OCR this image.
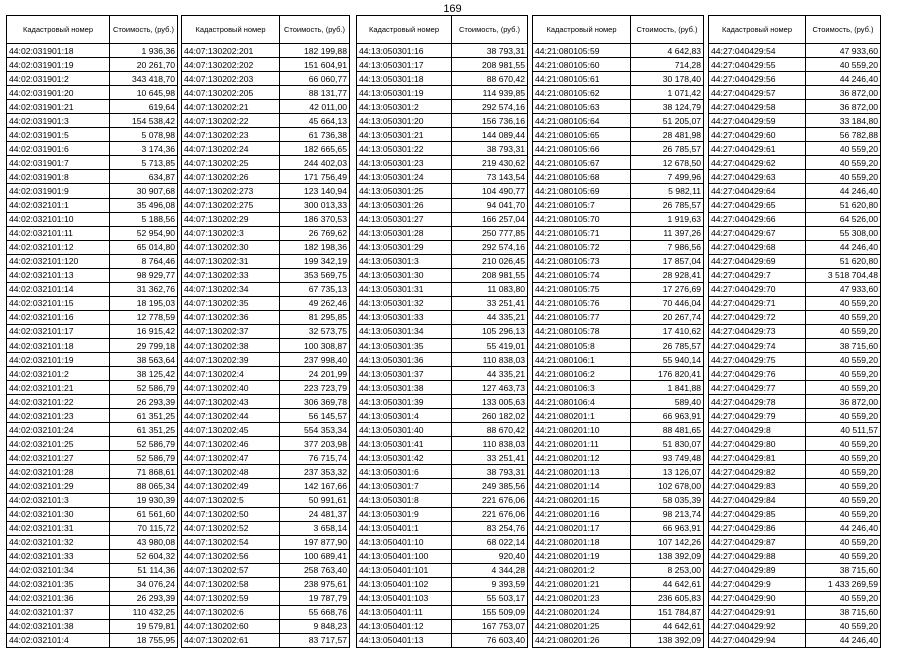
169
Кадастровый номер	Стоимость, (руб.)
44:02:031901:18	1 936,36
44:02:031901:19	20 261,70
44:02:031901:2	343 418,70
44:02:031901:20	10 645,98
44:02:031901:21	619,64
44:02:031901:3	154 538,42
44:02:031901:5	5 078,98
44:02:031901:6	3 174,36
44:02:031901:7	5 713,85
44:02:031901:8	634,87
44:02:031901:9	30 907,68
44:02:032101:1	35 496,08
44:02:032101:10	5 188,56
44:02:032101:11	52 954,90
44:02:032101:12	65 014,80
44:02:032101:120	8 764,46
44:02:032101:13	98 929,77
44:02:032101:14	31 362,76
44:02:032101:15	18 195,03
44:02:032101:16	12 778,59
44:02:032101:17	16 915,42
44:02:032101:18	29 799,18
44:02:032101:19	38 563,64
44:02:032101:2	38 125,42
44:02:032101:21	52 586,79
44:02:032101:22	26 293,39
44:02:032101:23	61 351,25
44:02:032101:24	61 351,25
44:02:032101:25	52 586,79
44:02:032101:27	52 586,79
44:02:032101:28	71 868,61
44:02:032101:29	88 065,34
44:02:032101:3	19 930,39
44:02:032101:30	61 561,60
44:02:032101:31	70 115,72
44:02:032101:32	43 980,08
44:02:032101:33	52 604,32
44:02:032101:34	51 114,36
44:02:032101:35	34 076,24
44:02:032101:36	26 293,39
44:02:032101:37	110 432,25
44:02:032101:38	19 579,81
44:02:032101:4	18 755,95
Кадастровый номер	Стоимость, (руб.)
44:07:130202:201	182 199,88
44:07:130202:202	151 604,91
44:07:130202:203	66 060,77
44:07:130202:205	88 131,77
44:07:130202:21	42 011,00
44:07:130202:22	45 664,13
44:07:130202:23	61 736,38
44:07:130202:24	182 665,65
44:07:130202:25	244 402,03
44:07:130202:26	171 756,49
44:07:130202:273	123 140,94
44:07:130202:275	300 013,33
44:07:130202:29	186 370,53
44:07:130202:3	26 769,62
44:07:130202:30	182 198,36
44:07:130202:31	199 342,19
44:07:130202:33	353 569,75
44:07:130202:34	67 735,13
44:07:130202:35	49 262,46
44:07:130202:36	81 295,85
44:07:130202:37	32 573,75
44:07:130202:38	100 308,87
44:07:130202:39	237 998,40
44:07:130202:4	24 201,99
44:07:130202:40	223 723,79
44:07:130202:43	306 369,78
44:07:130202:44	56 145,57
44:07:130202:45	554 353,34
44:07:130202:46	377 203,98
44:07:130202:47	76 715,74
44:07:130202:48	237 353,32
44:07:130202:49	142 167,66
44:07:130202:5	50 991,61
44:07:130202:50	24 481,37
44:07:130202:52	3 658,14
44:07:130202:54	197 877,90
44:07:130202:56	100 689,41
44:07:130202:57	258 763,40
44:07:130202:58	238 975,61
44:07:130202:59	19 787,79
44:07:130202:6	55 668,76
44:07:130202:60	9 848,23
44:07:130202:61	83 717,57
Кадастровый номер	Стоимость, (руб.)
44:13:050301:16	38 793,31
44:13:050301:17	208 981,55
44:13:050301:18	88 670,42
44:13:050301:19	114 939,85
44:13:050301:2	292 574,16
44:13:050301:20	156 736,16
44:13:050301:21	144 089,44
44:13:050301:22	38 793,31
44:13:050301:23	219 430,62
44:13:050301:24	73 143,54
44:13:050301:25	104 490,77
44:13:050301:26	94 041,70
44:13:050301:27	166 257,04
44:13:050301:28	250 777,85
44:13:050301:29	292 574,16
44:13:050301:3	210 026,45
44:13:050301:30	208 981,55
44:13:050301:31	11 083,80
44:13:050301:32	33 251,41
44:13:050301:33	44 335,21
44:13:050301:34	105 296,13
44:13:050301:35	55 419,01
44:13:050301:36	110 838,03
44:13:050301:37	44 335,21
44:13:050301:38	127 463,73
44:13:050301:39	133 005,63
44:13:050301:4	260 182,02
44:13:050301:40	88 670,42
44:13:050301:41	110 838,03
44:13:050301:42	33 251,41
44:13:050301:6	38 793,31
44:13:050301:7	249 385,56
44:13:050301:8	221 676,06
44:13:050301:9	221 676,06
44:13:050401:1	83 254,76
44:13:050401:10	68 022,14
44:13:050401:100	920,40
44:13:050401:101	4 344,28
44:13:050401:102	9 393,59
44:13:050401:103	55 503,17
44:13:050401:11	155 509,09
44:13:050401:12	167 753,07
44:13:050401:13	76 603,40
Кадастровый номер	Стоимость, (руб.)
44:21:080105:59	4 642,83
44:21:080105:60	714,28
44:21:080105:61	30 178,40
44:21:080105:62	1 071,42
44:21:080105:63	38 124,79
44:21:080105:64	51 205,07
44:21:080105:65	28 481,98
44:21:080105:66	26 785,57
44:21:080105:67	12 678,50
44:21:080105:68	7 499,96
44:21:080105:69	5 982,11
44:21:080105:7	26 785,57
44:21:080105:70	1 919,63
44:21:080105:71	11 397,26
44:21:080105:72	7 986,56
44:21:080105:73	17 857,04
44:21:080105:74	28 928,41
44:21:080105:75	17 276,69
44:21:080105:76	70 446,04
44:21:080105:77	20 267,74
44:21:080105:78	17 410,62
44:21:080105:8	26 785,57
44:21:080106:1	55 940,14
44:21:080106:2	176 820,41
44:21:080106:3	1 841,88
44:21:080106:4	589,40
44:21:080201:1	66 963,91
44:21:080201:10	88 481,65
44:21:080201:11	51 830,07
44:21:080201:12	93 749,48
44:21:080201:13	13 126,07
44:21:080201:14	102 678,00
44:21:080201:15	58 035,39
44:21:080201:16	98 213,74
44:21:080201:17	66 963,91
44:21:080201:18	107 142,26
44:21:080201:19	138 392,09
44:21:080201:2	8 253,00
44:21:080201:21	44 642,61
44:21:080201:23	236 605,83
44:21:080201:24	151 784,87
44:21:080201:25	44 642,61
44:21:080201:26	138 392,09
Кадастровый номер	Стоимость, (руб.)
44:27:040429:54	47 933,60
44:27:040429:55	40 559,20
44:27:040429:56	44 246,40
44:27:040429:57	36 872,00
44:27:040429:58	36 872,00
44:27:040429:59	33 184,80
44:27:040429:60	56 782,88
44:27:040429:61	40 559,20
44:27:040429:62	40 559,20
44:27:040429:63	40 559,20
44:27:040429:64	44 246,40
44:27:040429:65	51 620,80
44:27:040429:66	64 526,00
44:27:040429:67	55 308,00
44:27:040429:68	44 246,40
44:27:040429:69	51 620,80
44:27:040429:7	3 518 704,48
44:27:040429:70	47 933,60
44:27:040429:71	40 559,20
44:27:040429:72	40 559,20
44:27:040429:73	40 559,20
44:27:040429:74	38 715,60
44:27:040429:75	40 559,20
44:27:040429:76	40 559,20
44:27:040429:77	40 559,20
44:27:040429:78	36 872,00
44:27:040429:79	40 559,20
44:27:040429:8	40 511,57
44:27:040429:80	40 559,20
44:27:040429:81	40 559,20
44:27:040429:82	40 559,20
44:27:040429:83	40 559,20
44:27:040429:84	40 559,20
44:27:040429:85	40 559,20
44:27:040429:86	44 246,40
44:27:040429:87	40 559,20
44:27:040429:88	40 559,20
44:27:040429:89	38 715,60
44:27:040429:9	1 433 269,59
44:27:040429:90	40 559,20
44:27:040429:91	38 715,60
44:27:040429:92	40 559,20
44:27:040429:94	44 246,40
